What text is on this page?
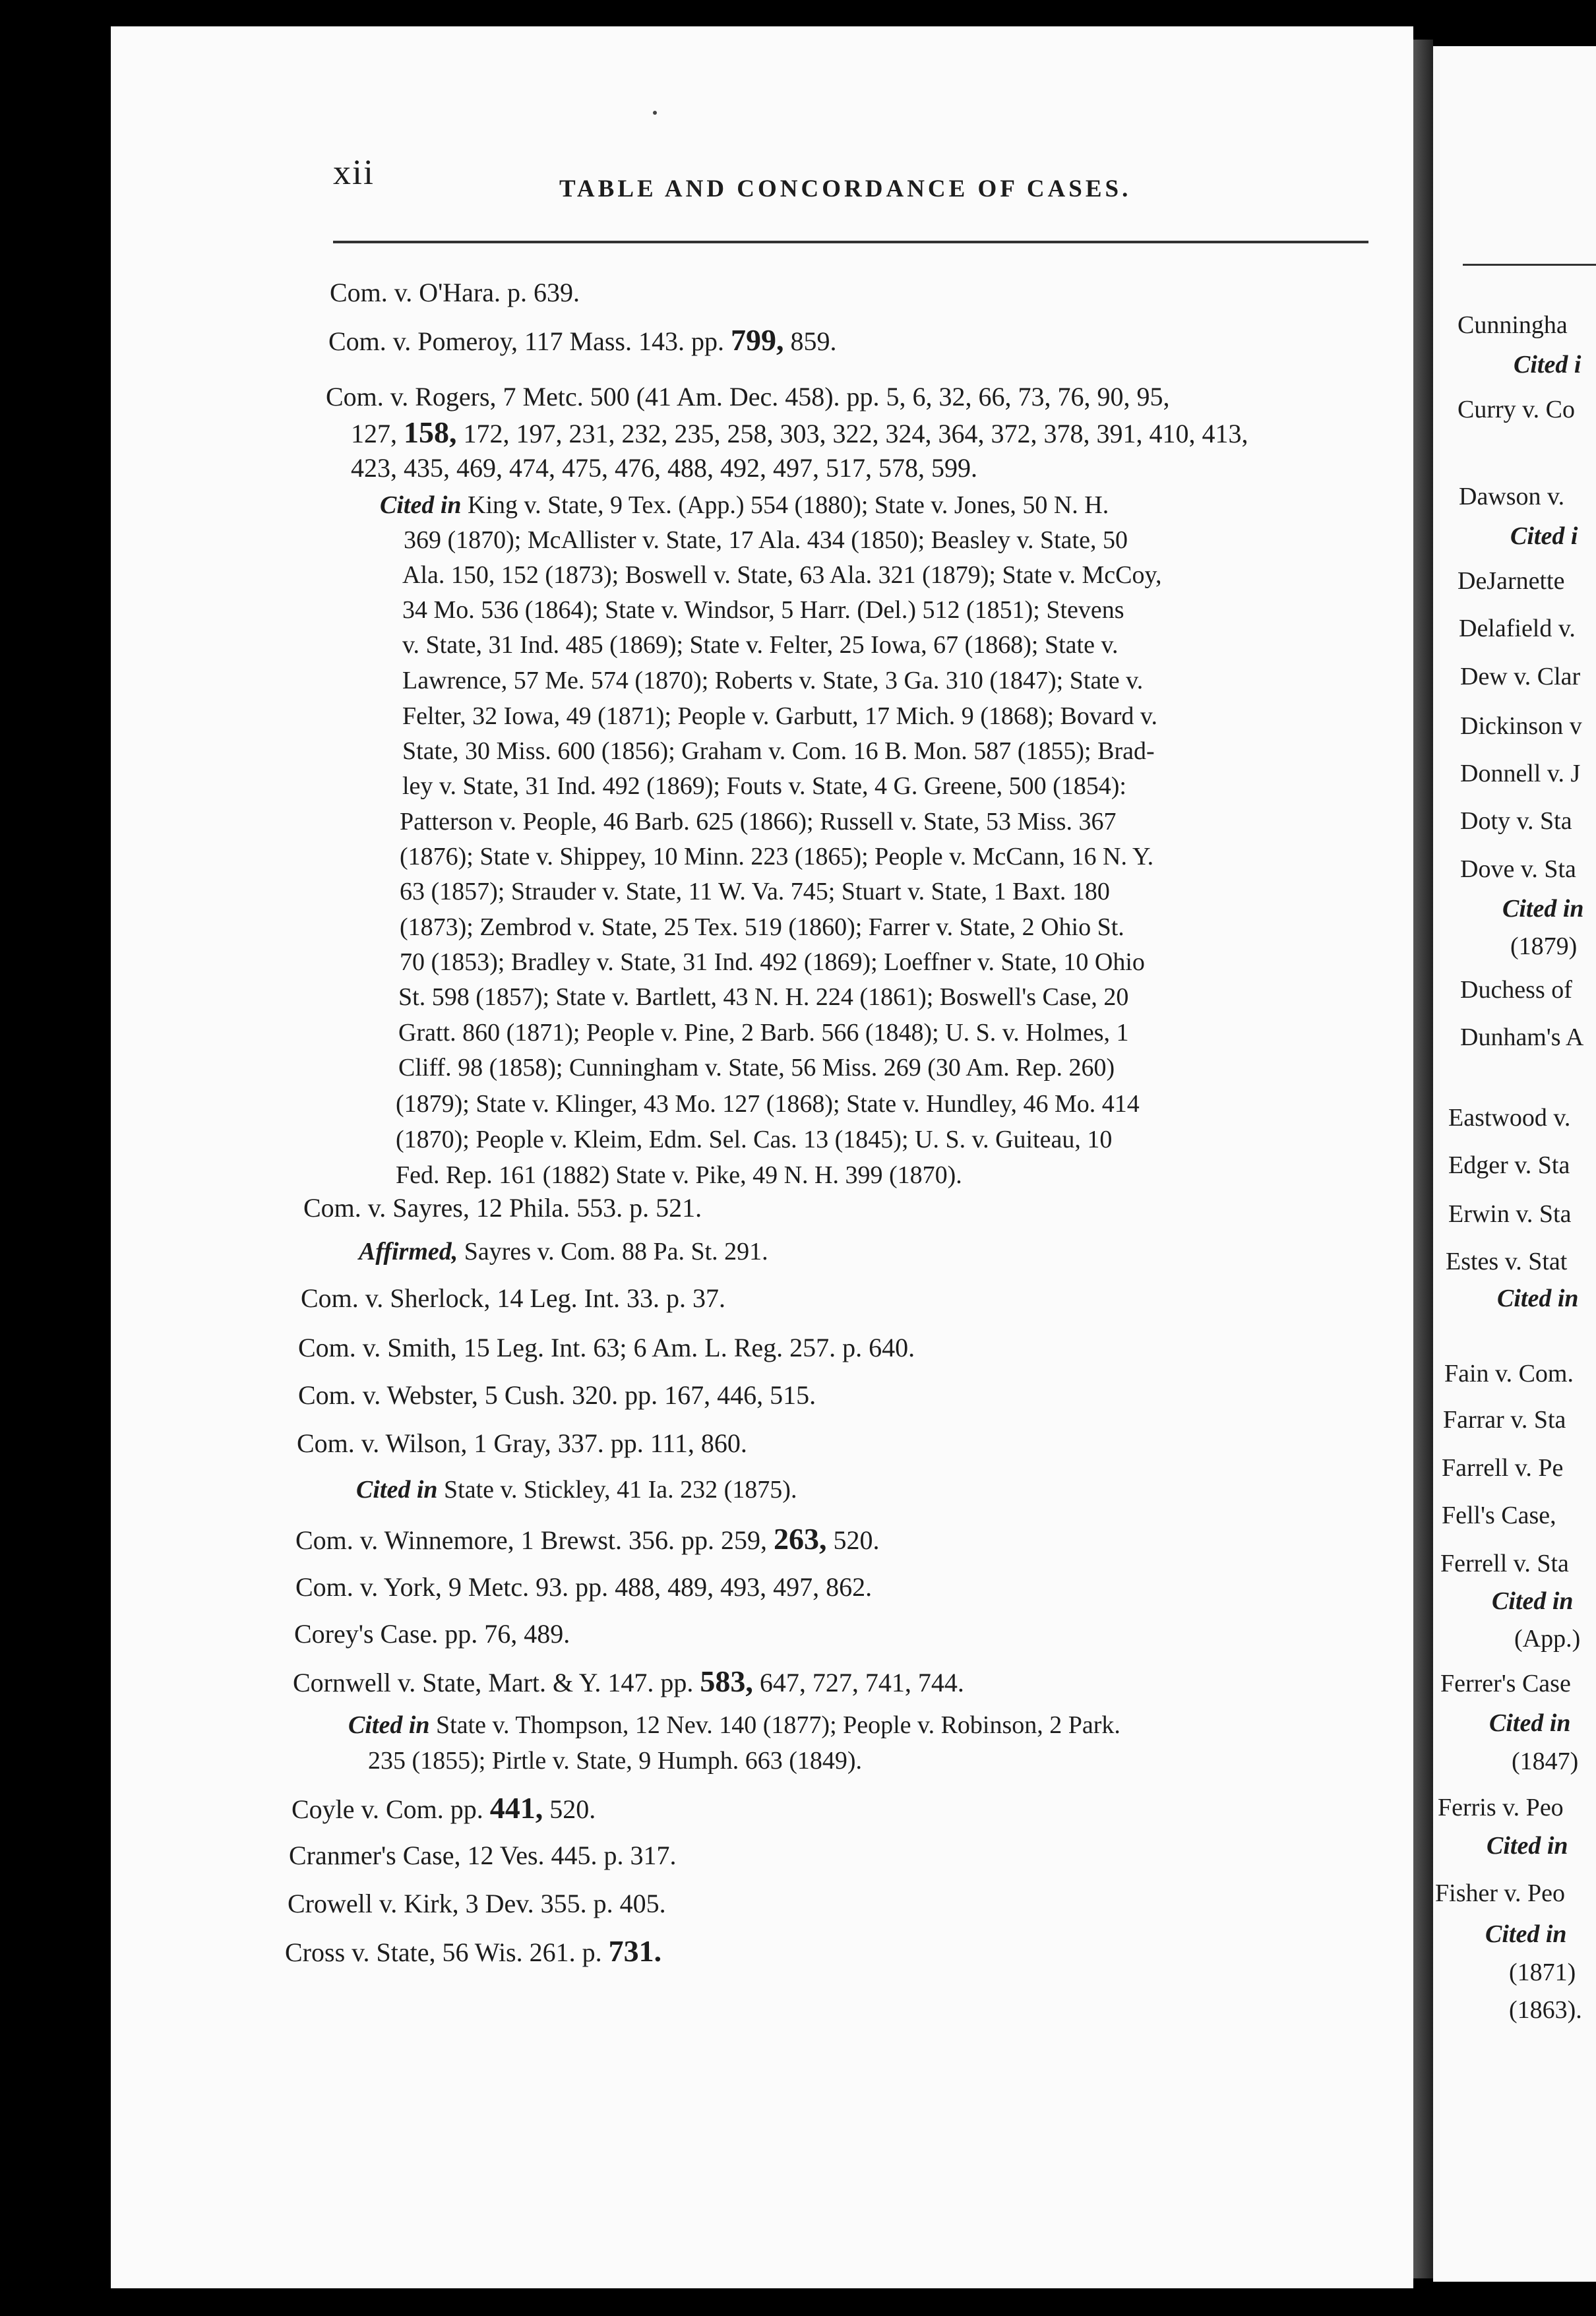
xii	TABLE AND CONCORDANCE OF CASES.
Com. v. O'Hara. p. 639.
Com. v. Pomeroy, 117 Mass. 143. pp. 799, 859.
Com. v. Rogers, 7 Metc. 500 (41 Am. Dec. 458). pp. 5, 6, 32, 66, 73, 76, 90, 95,
127, 158, 172, 197, 231, 232, 235, 258, 303, 322, 324, 364, 372, 378, 391, 410, 413,
423, 435, 469, 474, 475, 476, 488, 492, 497, 517, 578, 599.
Cited in King v. State, 9 Tex. (App.) 554 (1880); State v. Jones, 50 N. H.
369 (1870); McAllister v. State, 17 Ala. 434 (1850); Beasley v. State, 50
Ala. 150, 152 (1873); Boswell v. State, 63 Ala. 321 (1879); State v. McCoy,
34 Mo. 536 (1864); State v. Windsor, 5 Harr. (Del.) 512 (1851); Stevens
v. State, 31 Ind. 485 (1869); State v. Felter, 25 Iowa, 67 (1868); State v.
Lawrence, 57 Me. 574 (1870); Roberts v. State, 3 Ga. 310 (1847); State v.
Felter, 32 Iowa, 49 (1871); People v. Garbutt, 17 Mich. 9 (1868); Bovard v.
State, 30 Miss. 600 (1856); Graham v. Com. 16 B. Mon. 587 (1855); Brad-
ley v. State, 31 Ind. 492 (1869); Fouts v. State, 4 G. Greene, 500 (1854):
Patterson v. People, 46 Barb. 625 (1866); Russell v. State, 53 Miss. 367
(1876); State v. Shippey, 10 Minn. 223 (1865); People v. McCann, 16 N. Y.
63 (1857); Strauder v. State, 11 W. Va. 745; Stuart v. State, 1 Baxt. 180
(1873); Zembrod v. State, 25 Tex. 519 (1860); Farrer v. State, 2 Ohio St.
70 (1853); Bradley v. State, 31 Ind. 492 (1869); Loeffner v. State, 10 Ohio
St. 598 (1857); State v. Bartlett, 43 N. H. 224 (1861); Boswell's Case, 20
Gratt. 860 (1871); People v. Pine, 2 Barb. 566 (1848); U. S. v. Holmes, 1
Cliff. 98 (1858); Cunningham v. State, 56 Miss. 269 (30 Am. Rep. 260)
(1879); State v. Klinger, 43 Mo. 127 (1868); State v. Hundley, 46 Mo. 414
(1870); People v. Kleim, Edm. Sel. Cas. 13 (1845); U. S. v. Guiteau, 10
Fed. Rep. 161 (1882) State v. Pike, 49 N. H. 399 (1870).
Com. v. Sayres, 12 Phila. 553. p. 521.
Affirmed, Sayres v. Com. 88 Pa. St. 291.
Com. v. Sherlock, 14 Leg. Int. 33. p. 37.
Com. v. Smith, 15 Leg. Int. 63; 6 Am. L. Reg. 257. p. 640.
Com. v. Webster, 5 Cush. 320. pp. 167, 446, 515.
Com. v. Wilson, 1 Gray, 337. pp. 111, 860.
Cited in State v. Stickley, 41 Ia. 232 (1875).
Com. v. Winnemore, 1 Brewst. 356. pp. 259, 263, 520.
Com. v. York, 9 Metc. 93. pp. 488, 489, 493, 497, 862.
Corey's Case. pp. 76, 489.
Cornwell v. State, Mart. & Y. 147. pp. 583, 647, 727, 741, 744.
Cited in State v. Thompson, 12 Nev. 140 (1877); People v. Robinson, 2 Park.
235 (1855); Pirtle v. State, 9 Humph. 663 (1849).
Coyle v. Com. pp. 441, 520.
Cranmer's Case, 12 Ves. 445. p. 317.
Crowell v. Kirk, 3 Dev. 355. p. 405.
Cross v. State, 56 Wis. 261. p. 731.
Cunningha
Cited i
Curry v. Co
Dawson v.
Cited i
DeJarnette
Delafield v.
Dew v. Clar
Dickinson v
Donnell v. J
Doty v. Sta
Dove v. Sta
Cited in
(1879)
Duchess of
Dunham's A
Eastwood v.
Edger v. Sta
Erwin v. Sta
Estes v. Stat
Cited in
Fain v. Com.
Farrar v. Sta
Farrell v. Pe
Fell's Case,
Ferrell v. Sta
Cited in
(App.)
Ferrer's Case
Cited in
(1847)
Ferris v. Peo
Cited in
Fisher v. Peo
Cited in
(1871)
(1863).
